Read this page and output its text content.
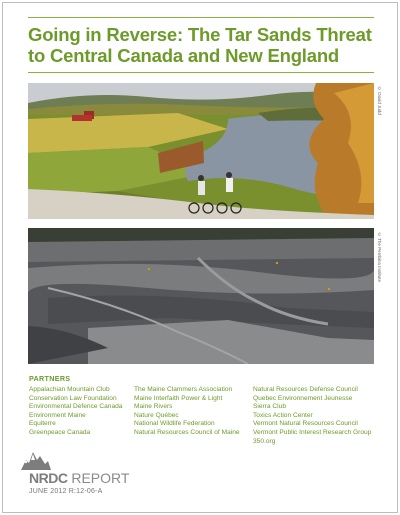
Going in Reverse: The Tar Sands Threat to Central Canada and New England
© David Judd
© The Pembina Institute
PARTNERS
Appalachian Mountain Club
Conservation Law Foundation
Environmental Defence Canada
Environment Maine
Equiterre
Greenpeace Canada
The Maine Clammers Association
Maine Interfaith Power & Light
Maine Rivers
Nature Québec
National Wildlife Federation
Natural Resources Council of Maine
Natural Resources Defense Council
Quebec Environnement Jeunesse
Sierra Club
Toxics Action Center
Vermont Natural Resources Council
Vermont Public Interest Research Group
350.org
NRDC REPORT
JUNE 2012 R:12-06-A
